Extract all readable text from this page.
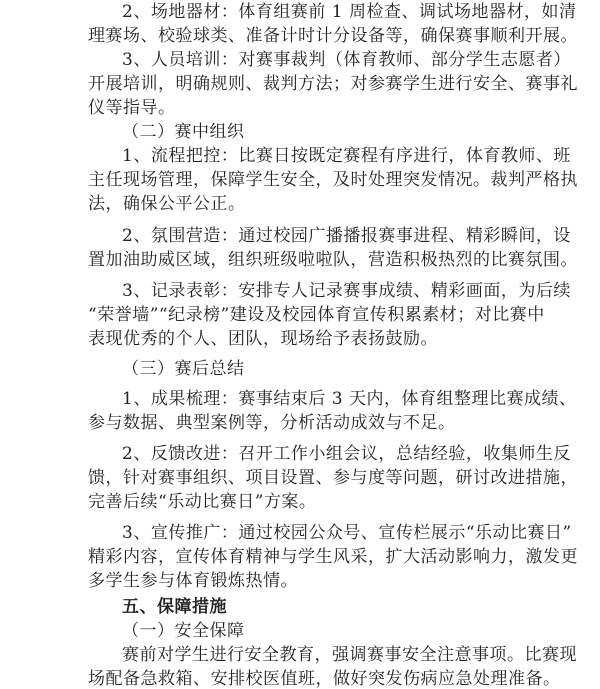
2、场地器材：体育组赛前 1 周检查、调试场地器材，如清
理赛场、校验球类、准备计时计分设备等，确保赛事顺利开展。
3、人员培训：对赛事裁判（体育教师、部分学生志愿者）
开展培训，明确规则、裁判方法；对参赛学生进行安全、赛事礼
仪等指导。
（二）赛中组织
1、流程把控：比赛日按既定赛程有序进行，体育教师、班
主任现场管理，保障学生安全，及时处理突发情况。裁判严格执
法，确保公平公正。
2、氛围营造：通过校园广播播报赛事进程、精彩瞬间，设
置加油助威区域，组织班级啦啦队，营造积极热烈的比赛氛围。
3、记录表彰：安排专人记录赛事成绩、精彩画面，为后续
“荣誉墙”“纪录榜”建设及校园体育宣传积累素材；对比赛中
表现优秀的个人、团队，现场给予表扬鼓励。
（三）赛后总结
1、成果梳理：赛事结束后 3 天内，体育组整理比赛成绩、
参与数据、典型案例等，分析活动成效与不足。
2、反馈改进：召开工作小组会议，总结经验，收集师生反
馈，针对赛事组织、项目设置、参与度等问题，研讨改进措施，
完善后续“乐动比赛日”方案。
3、宣传推广：通过校园公众号、宣传栏展示“乐动比赛日”
精彩内容，宣传体育精神与学生风采，扩大活动影响力，激发更
多学生参与体育锻炼热情。
五、保障措施
（一）安全保障
赛前对学生进行安全教育，强调赛事安全注意事项。比赛现
场配备急救箱、安排校医值班，做好突发伤病应急处理准备。
